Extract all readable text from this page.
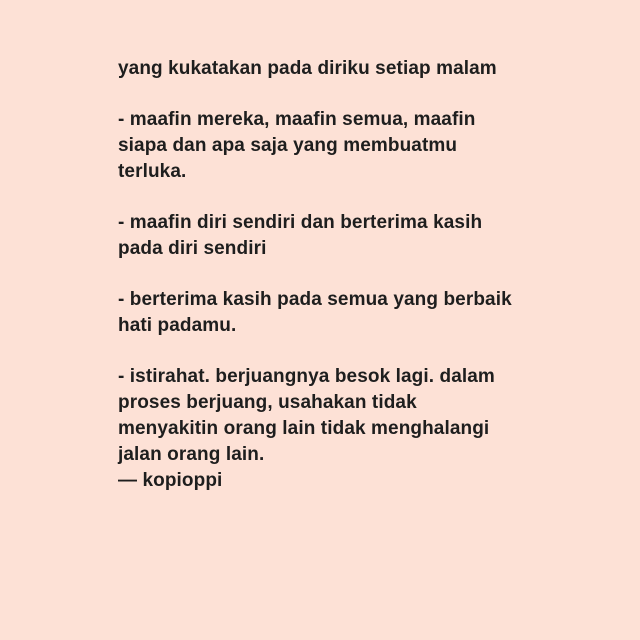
yang kukatakan pada diriku setiap malam

- maafin mereka, maafin semua, maafin
siapa dan apa saja yang membuatmu
terluka.

- maafin diri sendiri dan berterima kasih
pada diri sendiri

- berterima kasih pada semua yang berbaik
hati padamu.

- istirahat. berjuangnya besok lagi. dalam
proses berjuang, usahakan tidak
menyakitin orang lain tidak menghalangi
jalan orang lain.
— kopioppi
